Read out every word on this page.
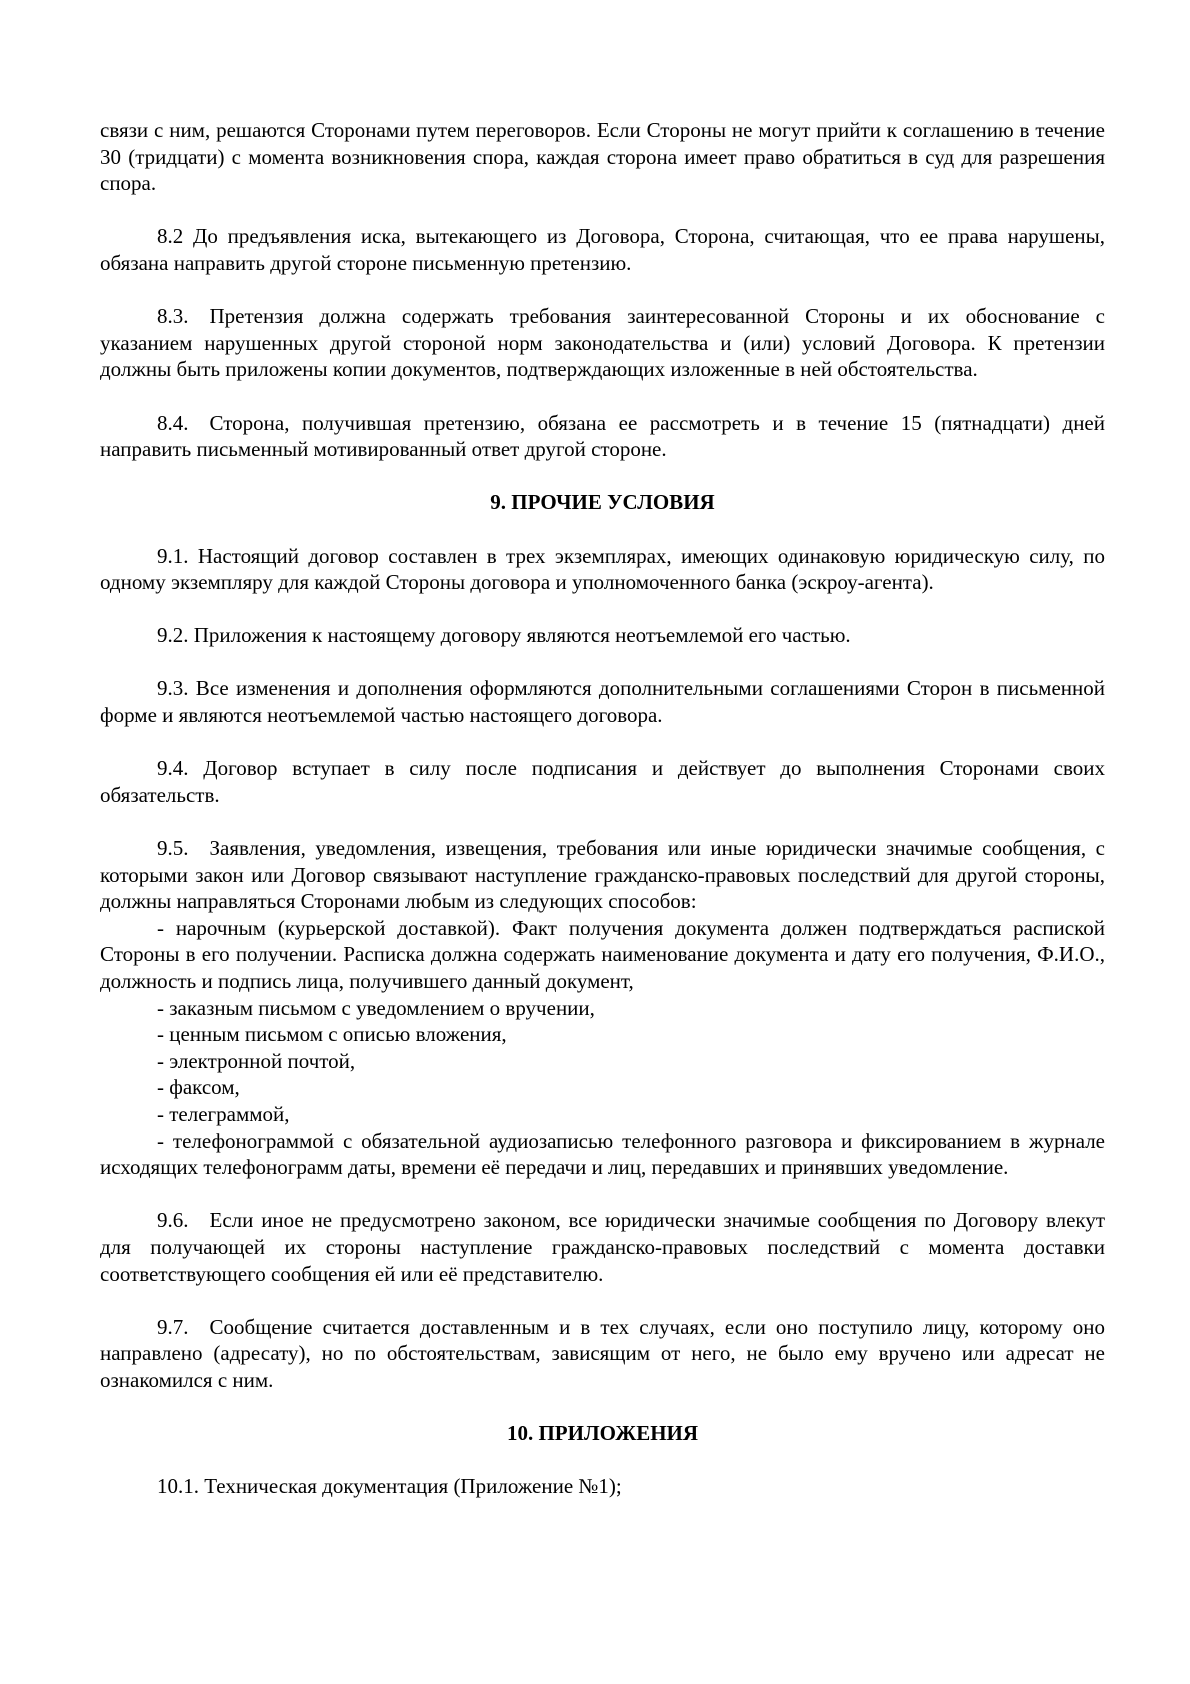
связи с ним, решаются Сторонами путем переговоров. Если Стороны не могут прийти к соглашению в течение 30 (тридцати) с момента возникновения спора, каждая сторона имеет право обратиться в суд для разрешения спора.

8.2 До предъявления иска, вытекающего из Договора, Сторона, считающая, что ее права нарушены, обязана направить другой стороне письменную претензию.

8.3. Претензия должна содержать требования заинтересованной Стороны и их обоснование с указанием нарушенных другой стороной норм законодательства и (или) условий Договора. К претензии должны быть приложены копии документов, подтверждающих изложенные в ней обстоятельства.

8.4. Сторона, получившая претензию, обязана ее рассмотреть и в течение 15 (пятнадцати) дней направить письменный мотивированный ответ другой стороне.

9. ПРОЧИЕ УСЛОВИЯ

9.1. Настоящий договор составлен в трех экземплярах, имеющих одинаковую юридическую силу, по одному экземпляру для каждой Стороны договора и уполномоченного банка (эскроу-агента).

9.2. Приложения к настоящему договору являются неотъемлемой его частью.

9.3. Все изменения и дополнения оформляются дополнительными соглашениями Сторон в письменной форме и являются неотъемлемой частью настоящего договора.

9.4. Договор вступает в силу после подписания и действует до выполнения Сторонами своих обязательств.

9.5. Заявления, уведомления, извещения, требования или иные юридически значимые сообщения, с которыми закон или Договор связывают наступление гражданско-правовых последствий для другой стороны, должны направляться Сторонами любым из следующих способов:

- нарочным (курьерской доставкой). Факт получения документа должен подтверждаться распиской Стороны в его получении. Расписка должна содержать наименование документа и дату его получения, Ф.И.О., должность и подпись лица, получившего данный документ,

- заказным письмом с уведомлением о вручении,

- ценным письмом с описью вложения,

- электронной почтой,

- факсом,

- телеграммой,

- телефонограммой с обязательной аудиозаписью телефонного разговора и фиксированием в журнале исходящих телефонограмм даты, времени её передачи и лиц, передавших и принявших уведомление.

9.6. Если иное не предусмотрено законом, все юридически значимые сообщения по Договору влекут для получающей их стороны наступление гражданско-правовых последствий с момента доставки соответствующего сообщения ей или её представителю.

9.7. Сообщение считается доставленным и в тех случаях, если оно поступило лицу, которому оно направлено (адресату), но по обстоятельствам, зависящим от него, не было ему вручено или адресат не ознакомился с ним.

10. ПРИЛОЖЕНИЯ

10.1. Техническая документация (Приложение №1);
